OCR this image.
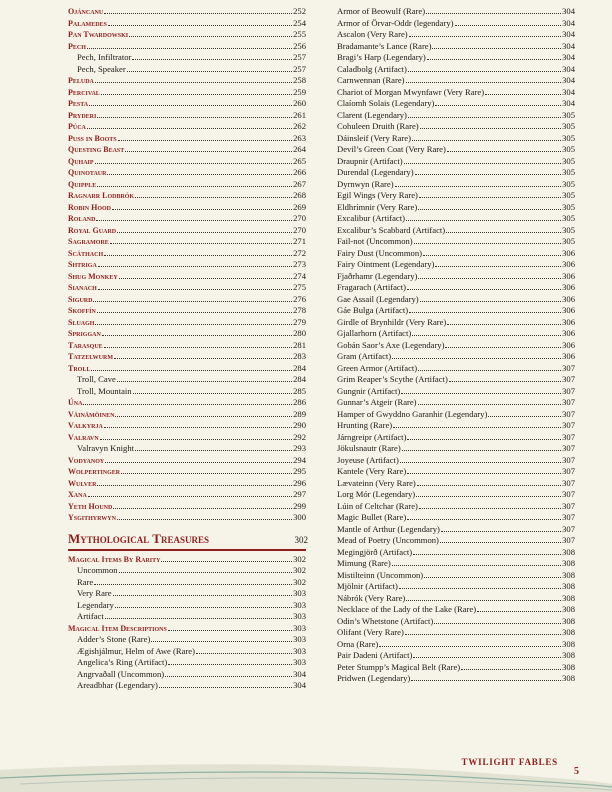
Ojáncanu	252
Palamedes	254
Pan Twardowski	255
Pech	256
Pech, Infiltrator	257
Pech, Speaker	257
Peluda	258
Percival	259
Pesta	260
Pryderi	261
Púca	262
Puss in Boots	263
Questing Beast	264
Quhaip	265
Quinotaur	266
Quipple	267
Ragnarr Lodbrók	268
Robin Hood	269
Roland	270
Royal Guard	270
Sagramore	271
Scáthach	272
Shtriga	273
Shug Monkey	274
Sianach	275
Sigurd	276
Skoffín	278
Sluagh	279
Spriggan	280
Tarasque	281
Tatzelwurm	283
Troll	284
Troll, Cave	284
Troll, Mountain	285
Úna	286
Väinämöinen	289
Valkyrja	290
Valravn	292
Valravyn Knight	293
Vodyanoy	294
Wolpertinger	295
Wulver	296
Xana	297
Yeth Hound	299
Ysgithyrwyn	300
Mythological Treasures	302
Magical Items By Rarity	302
Uncommon	302
Rare	302
Very Rare	303
Legendary	303
Artifact	303
Magical Item Descriptions	303
Adder’s Stone (Rare)	303
Ægishjálmur, Helm of Awe (Rare)	303
Angelica’s Ring (Artifact)	303
Angrvaðall (Uncommon)	304
Areadbhar (Legendary)	304
Armor of Beowulf (Rare)	304
Armor of Örvar-Oddr (legendary)	304
Ascalon (Very Rare)	304
Bradamante’s Lance (Rare)	304
Bragi’s Harp (Legendary)	304
Caladbolg (Artifact)	304
Carnwennan (Rare)	304
Chariot of Morgan Mwynfawr (Very Rare)	304
Claíomh Solais (Legendary)	304
Clarent (Legendary)	305
Cohuleen Druith (Rare)	305
Dáinsleif (Very Rare)	305
Devil’s Green Coat (Very Rare)	305
Draupnir (Artifact)	305
Durendal (Legendary)	305
Dyrnwyn (Rare)	305
Egil Wings (Very Rare)	305
Eldhrímnir (Very Rare)	305
Excalibur (Artifact)	305
Excalibur’s Scabbard (Artifact)	305
Fail-not (Uncommon)	305
Fairy Dust (Uncommon)	306
Fairy Ointment (Legendary)	306
Fjaðrhamr (Legendary)	306
Fragarach (Artifact)	306
Gae Assail (Legendary)	306
Gáe Bulga (Artifact)	306
Girdle of Brynhildr (Very Rare)	306
Gjallarhorn (Artifact)	306
Gobán Saor’s Axe (Legendary)	306
Gram (Artifact)	306
Green Armor (Artifact)	307
Grim Reaper’s Scythe (Artifact)	307
Gungnir (Artifact)	307
Gunnar’s Atgeir (Rare)	307
Hamper of Gwyddno Garanhir (Legendary)	307
Hrunting (Rare)	307
Járngreipr (Artifact)	307
Jökulsnautr (Rare)	307
Joyeuse (Artifact)	307
Kantele (Very Rare)	307
Lævateinn (Very Rare)	307
Lorg Mór (Legendary)	307
Lúin of Celtchar (Rare)	307
Magic Bullet (Rare)	307
Mantle of Arthur (Legendary)	307
Mead of Poetry (Uncommon)	307
Megingjörð (Artifact)	308
Mimung (Rare)	308
Mistilteinn (Uncommon)	308
Mjölnir (Artifact)	308
Nábrók (Very Rare)	308
Necklace of the Lady of the Lake (Rare)	308
Odin’s Whetstone (Artifact)	308
Olifant (Very Rare)	308
Orna (Rare)	308
Pair Dadeni (Artifact)	308
Peter Stumpp’s Magical Belt (Rare)	308
Pridwen (Legendary)	308
TWILIGHT FABLES
5
